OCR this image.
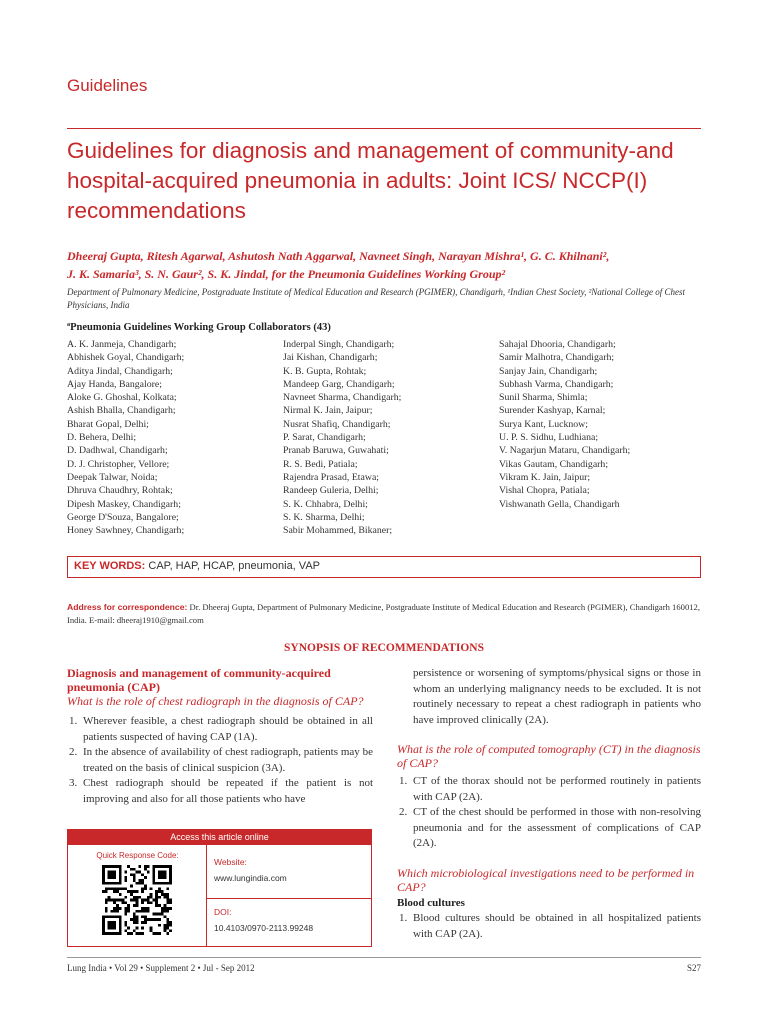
Guidelines
Guidelines for diagnosis and management of community-and hospital-acquired pneumonia in adults: Joint ICS/ NCCP(I) recommendations
Dheeraj Gupta, Ritesh Agarwal, Ashutosh Nath Aggarwal, Navneet Singh, Narayan Mishra¹, G. C. Khilnani²,
J. K. Samaria³, S. N. Gaur², S. K. Jindal, for the Pneumonia Guidelines Working Group²
Department of Pulmonary Medicine, Postgraduate Institute of Medical Education and Research (PGIMER), Chandigarh, ¹Indian Chest Society, ²National College of Chest Physicians, India
ªPneumonia Guidelines Working Group Collaborators (43)
A. K. Janmeja, Chandigarh;
Abhishek Goyal, Chandigarh;
Aditya Jindal, Chandigarh;
Ajay Handa, Bangalore;
Aloke G. Ghoshal, Kolkata;
Ashish Bhalla, Chandigarh;
Bharat Gopal, Delhi;
D. Behera, Delhi;
D. Dadhwal, Chandigarh;
D. J. Christopher, Vellore;
Deepak Talwar, Noida;
Dhruva Chaudhry, Rohtak;
Dipesh Maskey, Chandigarh;
George D'Souza, Bangalore;
Honey Sawhney, Chandigarh;
Inderpal Singh, Chandigarh;
Jai Kishan, Chandigarh;
K. B. Gupta, Rohtak;
Mandeep Garg, Chandigarh;
Navneet Sharma, Chandigarh;
Nirmal K. Jain, Jaipur;
Nusrat Shafiq, Chandigarh;
P. Sarat, Chandigarh;
Pranab Baruwa, Guwahati;
R. S. Bedi, Patiala;
Rajendra Prasad, Etawa;
Randeep Guleria, Delhi;
S. K. Chhabra, Delhi;
S. K. Sharma, Delhi;
Sabir Mohammed, Bikaner;
Sahajal Dhooria, Chandigarh;
Samir Malhotra, Chandigarh;
Sanjay Jain, Chandigarh;
Subhash Varma, Chandigarh;
Sunil Sharma, Shimla;
Surender Kashyap, Karnal;
Surya Kant, Lucknow;
U. P. S. Sidhu, Ludhiana;
V. Nagarjun Mataru, Chandigarh;
Vikas Gautam, Chandigarh;
Vikram K. Jain, Jaipur;
Vishal Chopra, Patiala;
Vishwanath Gella, Chandigarh
KEY WORDS: CAP, HAP, HCAP, pneumonia, VAP
Address for correspondence: Dr. Dheeraj Gupta, Department of Pulmonary Medicine, Postgraduate Institute of Medical Education and Research (PGIMER), Chandigarh 160012, India. E-mail: dheeraj1910@gmail.com
SYNOPSIS OF RECOMMENDATIONS
Diagnosis and management of community-acquired pneumonia (CAP)
What is the role of chest radiograph in the diagnosis of CAP?
1. Wherever feasible, a chest radiograph should be obtained in all patients suspected of having CAP (1A).
2. In the absence of availability of chest radiograph, patients may be treated on the basis of clinical suspicion (3A).
3. Chest radiograph should be repeated if the patient is not improving and also for all those patients who have
persistence or worsening of symptoms/physical signs or those in whom an underlying malignancy needs to be excluded. It is not routinely necessary to repeat a chest radiograph in patients who have improved clinically (2A).
What is the role of computed tomography (CT) in the diagnosis of CAP?
1. CT of the thorax should not be performed routinely in patients with CAP (2A).
2. CT of the chest should be performed in those with non-resolving pneumonia and for the assessment of complications of CAP (2A).
Which microbiological investigations need to be performed in CAP?
Blood cultures
1. Blood cultures should be obtained in all hospitalized patients with CAP (2A).
Access this article online
Quick Response Code:
Website:
www.lungindia.com
DOI:
10.4103/0970-2113.99248
Lung India • Vol 29 • Supplement 2 • Jul - Sep 2012	S27
